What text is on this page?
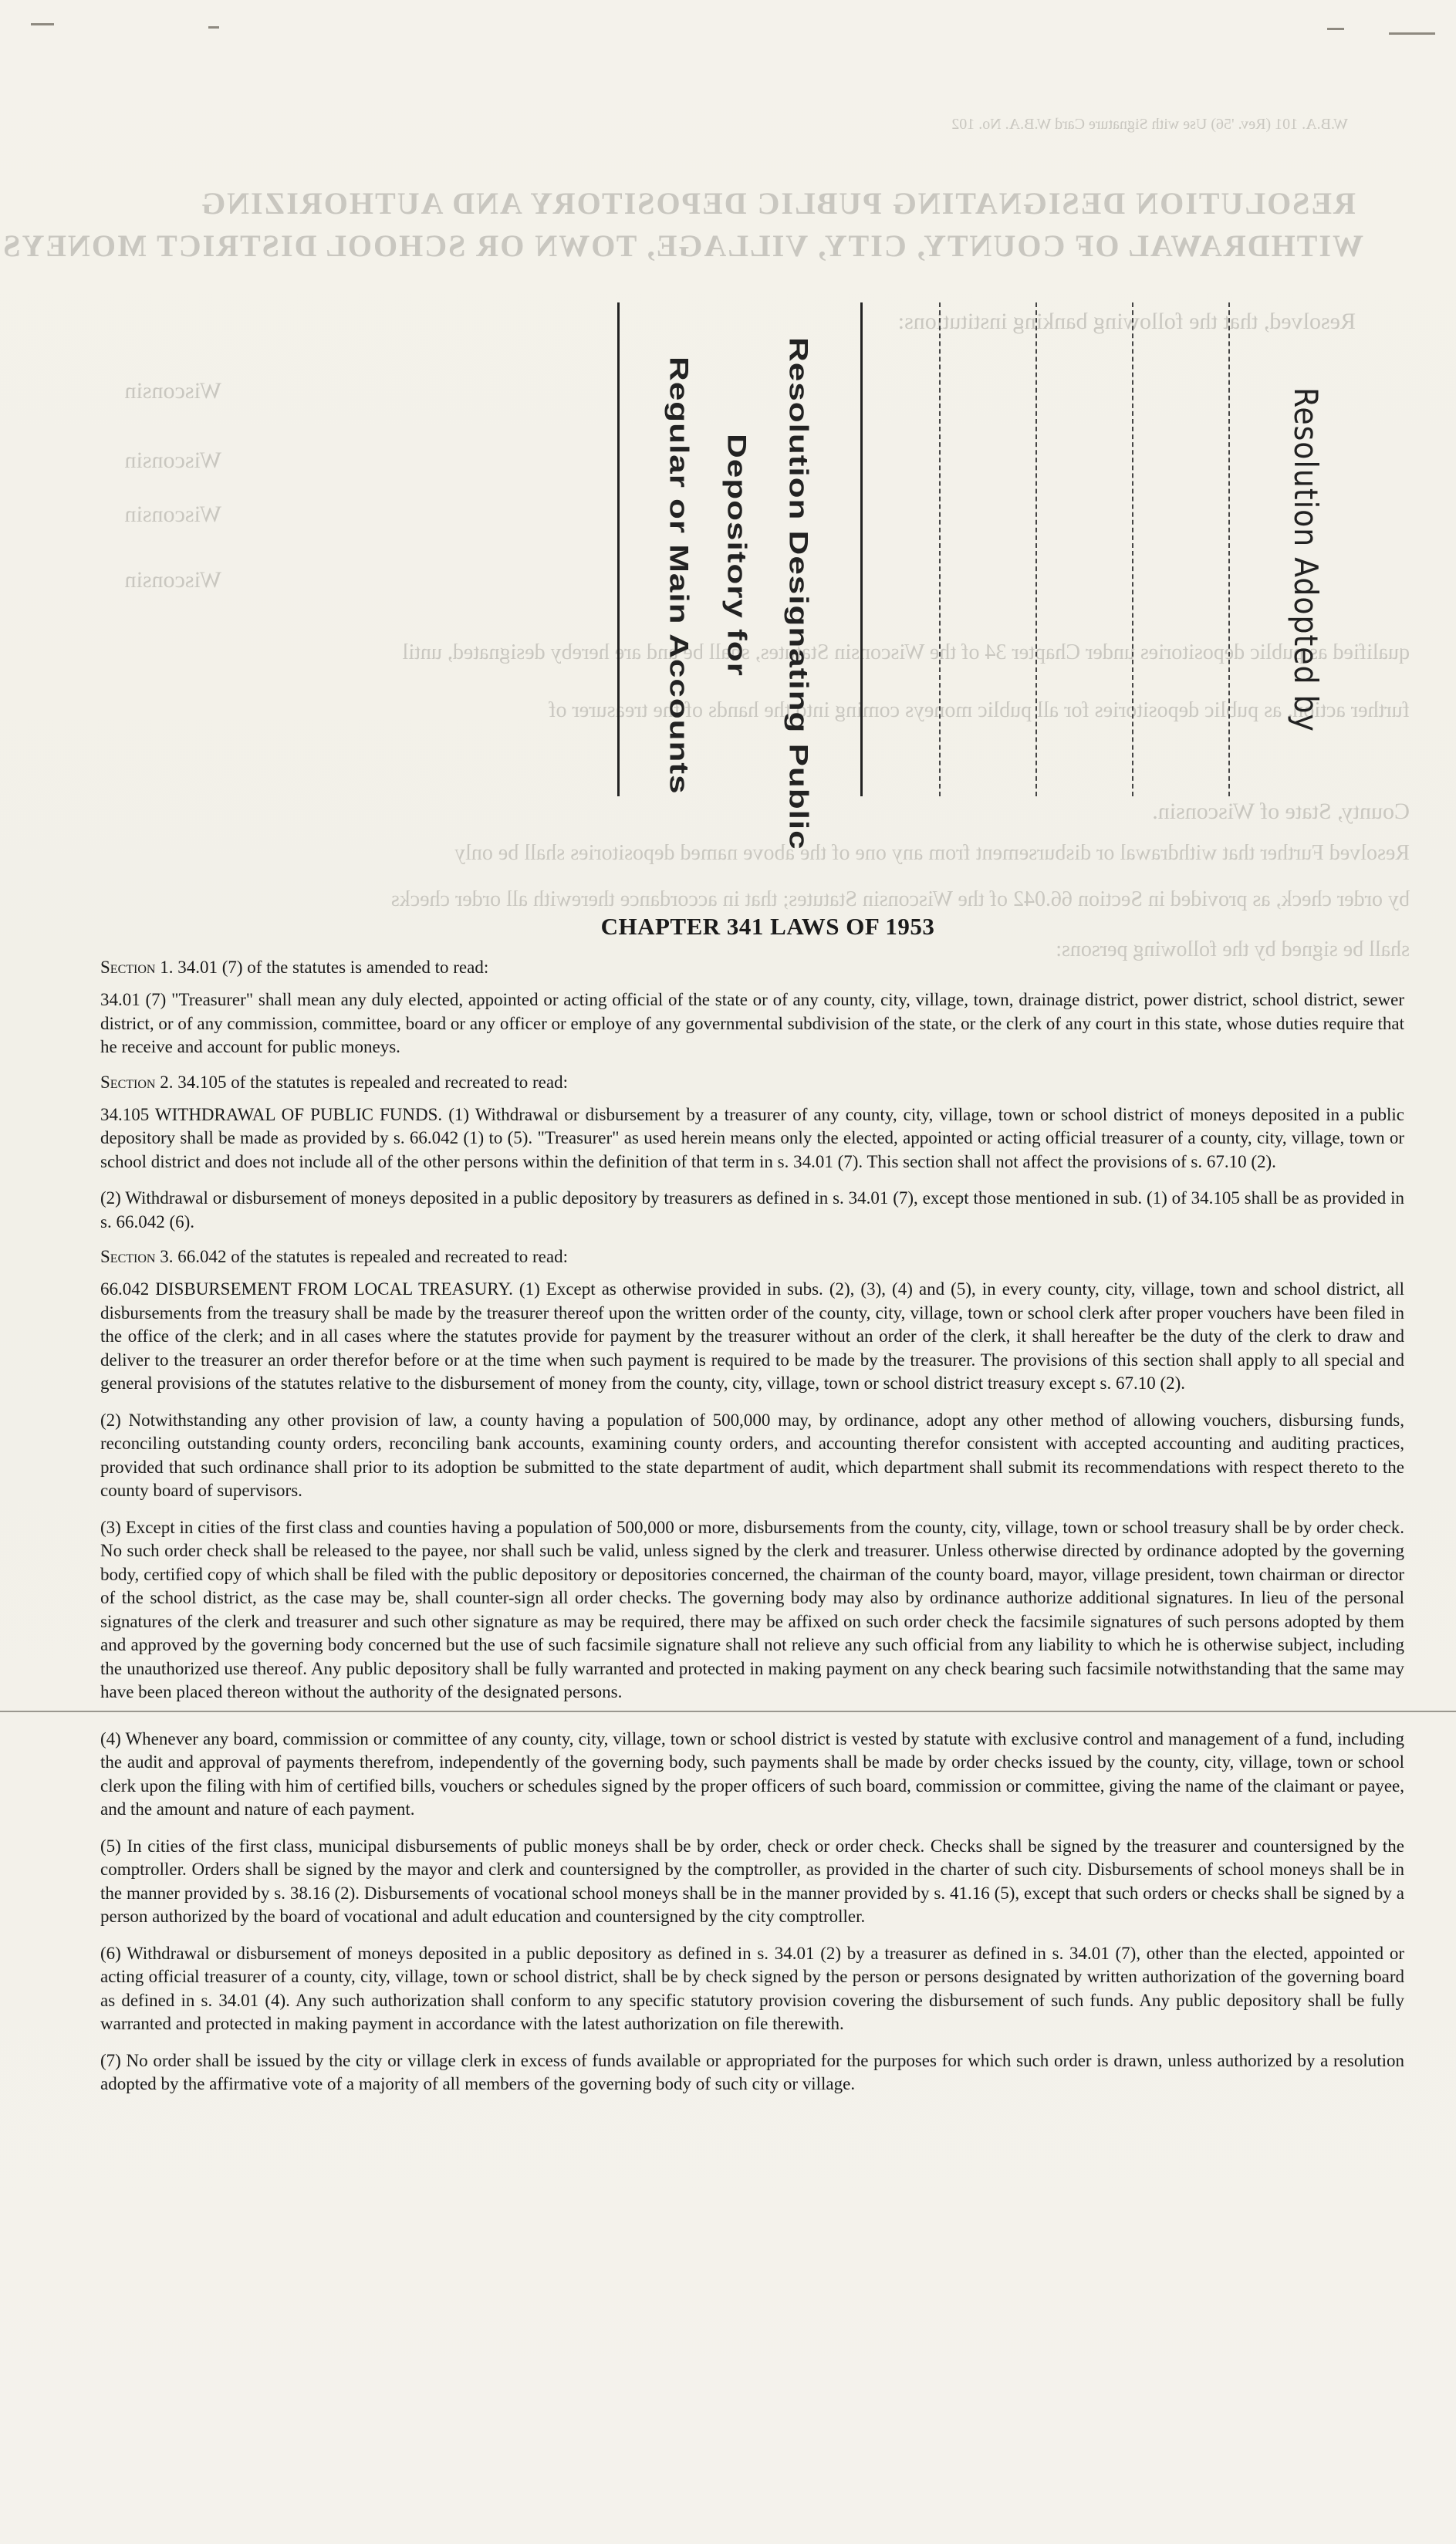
W.B.A. 101 (Rev. '56) Use with Signature Card W.B.A. No. 102
RESOLUTION DESIGNATING PUBLIC DEPOSITORY AND AUTHORIZING
WITHDRAWAL OF COUNTY, CITY, VILLAGE, TOWN OR SCHOOL DISTRICT MONEYS
Resolved, that the following banking institutions:
Wisconsin
Wisconsin
Wisconsin
Wisconsin
qualified as public depositories under Chapter 34 of the Wisconsin Statutes, shall be and are hereby designated, until
further action, as public depositories for all public moneys coming into the hands of the treasurer of
County, State of Wisconsin.
Resolved Further that withdrawal or disbursement from any one of the above named depositories shall be only
by order check, as provided in Section 66.042 of the Wisconsin Statutes; that in accordance therewith all order checks
shall be signed by the following persons:
Resolution Designating Public
Depository for
Regular or Main Accounts	Resolution Adopted by
CHAPTER 341 LAWS OF 1953
Section 1. 34.01 (7) of the statutes is amended to read:

34.01 (7) "Treasurer" shall mean any duly elected, appointed or acting official of the state or of any county, city, village, town, drainage district, power district, school district, sewer district, or of any commission, committee, board or any officer or employe of any governmental subdivision of the state, or the clerk of any court in this state, whose duties require that he receive and account for public moneys.

Section 2. 34.105 of the statutes is repealed and recreated to read:

34.105 WITHDRAWAL OF PUBLIC FUNDS. (1) Withdrawal or disbursement by a treasurer of any county, city, village, town or school district of moneys deposited in a public depository shall be made as provided by s. 66.042 (1) to (5). "Treasurer" as used herein means only the elected, appointed or acting official treasurer of a county, city, village, town or school district and does not include all of the other persons within the definition of that term in s. 34.01 (7). This section shall not affect the provisions of s. 67.10 (2).

(2) Withdrawal or disbursement of moneys deposited in a public depository by treasurers as defined in s. 34.01 (7), except those mentioned in sub. (1) of 34.105 shall be as provided in s. 66.042 (6).

Section 3. 66.042 of the statutes is repealed and recreated to read:

66.042 DISBURSEMENT FROM LOCAL TREASURY. (1) Except as otherwise provided in subs. (2), (3), (4) and (5), in every county, city, village, town and school district, all disbursements from the treasury shall be made by the treasurer thereof upon the written order of the county, city, village, town or school clerk after proper vouchers have been filed in the office of the clerk; and in all cases where the statutes provide for payment by the treasurer without an order of the clerk, it shall hereafter be the duty of the clerk to draw and deliver to the treasurer an order therefor before or at the time when such payment is required to be made by the treasurer. The provisions of this section shall apply to all special and general provisions of the statutes relative to the disbursement of money from the county, city, village, town or school district treasury except s. 67.10 (2).

(2) Notwithstanding any other provision of law, a county having a population of 500,000 may, by ordinance, adopt any other method of allowing vouchers, disbursing funds, reconciling outstanding county orders, reconciling bank accounts, examining county orders, and accounting therefor consistent with accepted accounting and auditing practices, provided that such ordinance shall prior to its adoption be submitted to the state department of audit, which department shall submit its recommendations with respect thereto to the county board of supervisors.

(3) Except in cities of the first class and counties having a population of 500,000 or more, disbursements from the county, city, village, town or school treasury shall be by order check. No such order check shall be released to the payee, nor shall such be valid, unless signed by the clerk and treasurer. Unless otherwise directed by ordinance adopted by the governing body, certified copy of which shall be filed with the public depository or depositories concerned, the chairman of the county board, mayor, village president, town chairman or director of the school district, as the case may be, shall counter-sign all order checks. The governing body may also by ordinance authorize additional signatures. In lieu of the personal signatures of the clerk and treasurer and such other signature as may be required, there may be affixed on such order check the facsimile signatures of such persons adopted by them and approved by the governing body concerned but the use of such facsimile signature shall not relieve any such official from any liability to which he is otherwise subject, including the unauthorized use thereof. Any public depository shall be fully warranted and protected in making payment on any check bearing such facsimile notwithstanding that the same may have been placed thereon without the authority of the designated persons.

(4) Whenever any board, commission or committee of any county, city, village, town or school district is vested by statute with exclusive control and management of a fund, including the audit and approval of payments therefrom, independently of the governing body, such payments shall be made by order checks issued by the county, city, village, town or school clerk upon the filing with him of certified bills, vouchers or schedules signed by the proper officers of such board, commission or committee, giving the name of the claimant or payee, and the amount and nature of each payment.

(5) In cities of the first class, municipal disbursements of public moneys shall be by order, check or order check. Checks shall be signed by the treasurer and countersigned by the comptroller. Orders shall be signed by the mayor and clerk and countersigned by the comptroller, as provided in the charter of such city. Disbursements of school moneys shall be in the manner provided by s. 38.16 (2). Disbursements of vocational school moneys shall be in the manner provided by s. 41.16 (5), except that such orders or checks shall be signed by a person authorized by the board of vocational and adult education and countersigned by the city comptroller.

(6) Withdrawal or disbursement of moneys deposited in a public depository as defined in s. 34.01 (2) by a treasurer as defined in s. 34.01 (7), other than the elected, appointed or acting official treasurer of a county, city, village, town or school district, shall be by check signed by the person or persons designated by written authorization of the governing board as defined in s. 34.01 (4). Any such authorization shall conform to any specific statutory provision covering the disbursement of such funds. Any public depository shall be fully warranted and protected in making payment in accordance with the latest authorization on file therewith.

(7) No order shall be issued by the city or village clerk in excess of funds available or appropriated for the purposes for which such order is drawn, unless authorized by a resolution adopted by the affirmative vote of a majority of all members of the governing body of such city or village.
